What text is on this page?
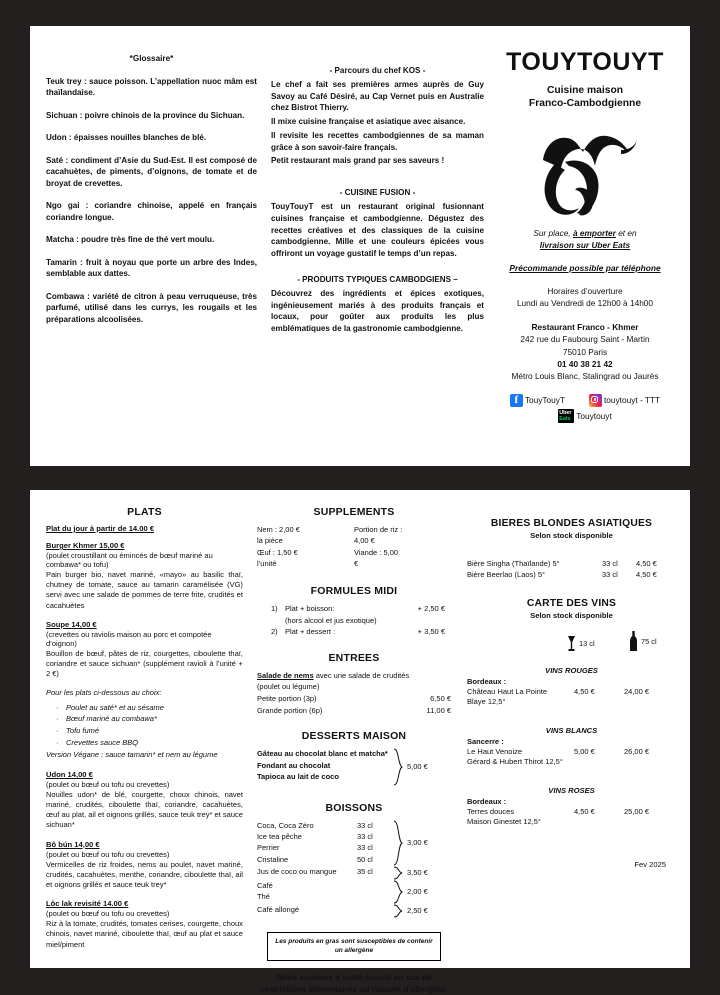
*Glossaire*
Teuk trey : sauce poisson. L’appellation nuoc mâm est thaïlandaise.
Sichuan : poivre chinois de la province du Sichuan.
Udon : épaisses nouilles blanches de blé.
Saté : condiment d’Asie du Sud-Est. Il est composé de cacahuètes, de piments, d’oignons, de tomate et de broyat de crevettes.
Ngo gai : coriandre chinoise, appelé en français coriandre longue.
Matcha : poudre très fine de thé vert moulu.
Tamarin : fruit à noyau que porte un arbre des Indes, semblable aux dattes.
Combawa : variété de citron à peau verruqueuse, très parfumé, utilisé dans les currys, les rougails et les préparations alcoolisées.
- Parcours du chef KOS -
Le chef a fait ses premières armes auprès de Guy Savoy au Café Désiré, au Cap Vernet puis en Australie chez Bistrot Thierry.
Il mixe cuisine française et asiatique avec aisance.
Il revisite les recettes cambodgiennes de sa maman grâce à son savoir-faire français.
Petit restaurant mais grand par ses saveurs !
- CUISINE FUSION -
TouyTouyT est un restaurant original fusionnant cuisines française et cambodgienne. Dégustez des recettes créatives et des classiques de la cuisine cambodgienne. Mille et une couleurs épicées vous offriront un voyage gustatif le temps d’un repas.
- PRODUITS TYPIQUES CAMBODGIENS –
Découvrez des ingrédients et épices exotiques, ingénieusement mariés à des produits français et locaux, pour goûter aux produits les plus emblématiques de la gastronomie cambodgienne.
TOUYTOUYT
Cuisine maison
Franco-Cambodgienne
Sur place, à emporter et en
livraison sur Uber Eats
Précommande possible par téléphone
Horaires d’ouverture
Lundi au Vendredi de 12h00 à 14h00
Restaurant Franco - Khmer
242 rue du Faubourg Saint - Martin
75010 Paris
01 40 38 21 42
Métro Louis Blanc, Stalingrad ou Jaurès
f TouyTouyT	touytouyt - TTT
Uber
Eats Touytouyt
PLATS
Plat du jour à partir de 14.00 €
Burger Khmer 15,00 €
(poulet croustillant ou émincés de bœuf mariné au combawa* ou tofu)
Pain burger bio, navet mariné, «mayo» au basilic thaï, chutney de tomate, sauce au tamarin caramélisée (VG) servi avec une salade de pommes de terre frite, crudités et cacahuètes
Soupe 14,00 €
(crevettes ou raviolis maison au porc et compotée d’oignon)
Bouillon de bœuf, pâtes de riz, courgettes, ciboulette thaï, coriandre et sauce sichuan* (supplément ravioli à l’unité + 2 €)
Pour les plats ci-dessous au choix:
· Poulet au saté* et au sésame
· Bœuf mariné au combawa*
· Tofu fumé
· Crevettes sauce BBQ
Version Végane : sauce tamarin* et nem au légume
Udon 14,00 €
(poulet ou bœuf ou tofu ou crevettes)
Nouilles udon* de blé, courgette, choux chinois, navet mariné, crudités, ciboulette thaï, coriandre, cacahuètes, œuf au plat, ail et oignons grillés, sauce teuk trey* et sauce sichuan*
Bô bún 14,00 €
(poulet ou bœuf ou tofu ou crevettes)
Vermicelles de riz froides, nems au poulet, navet mariné, crudités, cacahuètes, menthe, coriandre, ciboulette thaï, ail et oignons grillés et sauce teuk trey*
Lôc lak revisité 14.00 €
(poulet ou bœuf ou tofu ou crevettes)
Riz à la tomate, crudités, tomates cerises, courgette, choux chinois, navet mariné, ciboulette thaï, œuf au plat et sauce miel/piment
SUPPLEMENTS
Nem : 2,00 € la pièce
Œuf : 1,50 € l’unité
Portion de riz : 4,00 €
Viande : 5,00 €
FORMULES MIDI
1) Plat + boisson:	+ 2,50 €
(hors alcool et jus exotique)
2) Plat + dessert :	+ 3,50 €
ENTREES
Salade de nems avec une salade de crudités
(poulet ou légume)
Petite portion (3p)	6,50 €
Grande portion (6p)	11,00 €
DESSERTS MAISON
Gâteau au chocolat blanc et matcha*
Fondant au chocolat
Tapioca au lait de coco
5,00 €
BOISSONS
Coca, Coca Zéro	33 cl
Ice tea pêche	33 cl
Perrier	33 cl
Cristaline	50 cl
3,00 €
Jus de coco ou mangue	35 cl	3,50 €
Café
Thé
2,00 €
Café allongé	2,50 €
Les produits en gras sont susceptibles de contenir un allergène
Nous sommes à votre écoute en cas de restrictions alimentaires ou risques d’allergies.
BIERES BLONDES ASIATIQUES
Selon stock disponible
Bière Singha (Thaïlande) 5°	33 cl	4,50 €
Bière Beerlao (Laos) 5°	33 cl	4,50 €
CARTE DES VINS
Selon stock disponible
13 cl	75 cl
VINS ROUGES
Bordeaux :
Château Haut La Pointe	4,50 €	24,00 €
Blaye 12,5°
VINS BLANCS
Sancerre :
Le Haut Venoize	5,00 €	26,00 €
Gérard & Hubert Thirot 12,5°
VINS ROSES
Bordeaux :
Terres douces	4,50 €	25,00 €
Maison Ginestet 12,5°
Fev 2025
